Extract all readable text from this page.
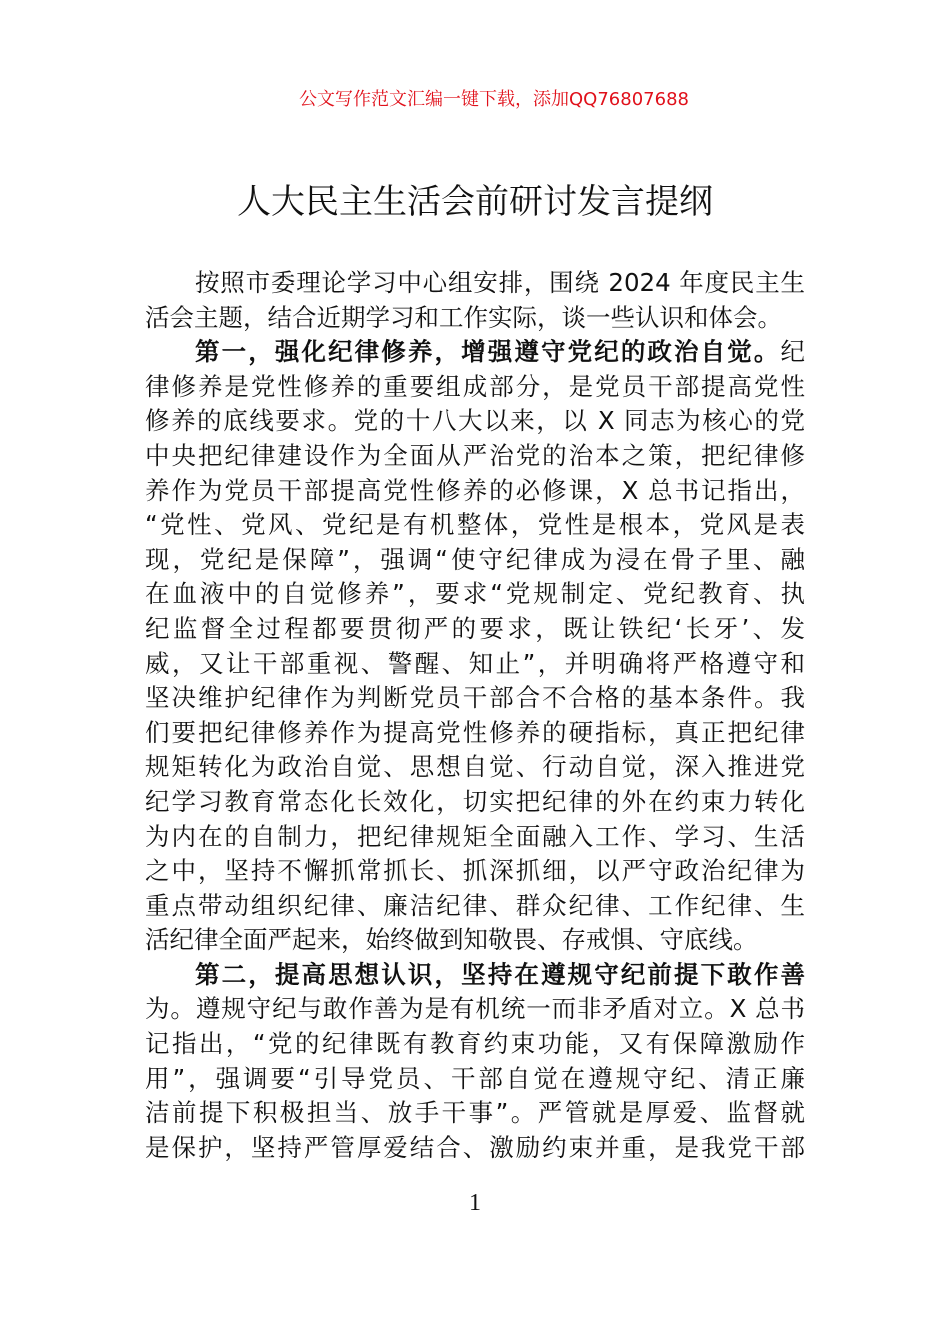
公文写作范文汇编一键下载，添加QQ76807688
人大民主生活会前研讨发言提纲
按照市委理论学习中心组安排，围绕 2024 年度民主生
活会主题，结合近期学习和工作实际，谈一些认识和体会。
第一，强化纪律修养，增强遵守党纪的政治自觉。纪
律修养是党性修养的重要组成部分，是党员干部提高党性
修养的底线要求。党的十八大以来，以 X 同志为核心的党
中央把纪律建设作为全面从严治党的治本之策，把纪律修
养作为党员干部提高党性修养的必修课，X 总书记指出，
“党性、党风、党纪是有机整体，党性是根本，党风是表
现，党纪是保障”，强调“使守纪律成为浸在骨子里、融
在血液中的自觉修养”，要求“党规制定、党纪教育、执
纪监督全过程都要贯彻严的要求，既让铁纪‘长牙’、发
威，又让干部重视、警醒、知止”，并明确将严格遵守和
坚决维护纪律作为判断党员干部合不合格的基本条件。我
们要把纪律修养作为提高党性修养的硬指标，真正把纪律
规矩转化为政治自觉、思想自觉、行动自觉，深入推进党
纪学习教育常态化长效化，切实把纪律的外在约束力转化
为内在的自制力，把纪律规矩全面融入工作、学习、生活
之中，坚持不懈抓常抓长、抓深抓细，以严守政治纪律为
重点带动组织纪律、廉洁纪律、群众纪律、工作纪律、生
活纪律全面严起来，始终做到知敬畏、存戒惧、守底线。
第二，提高思想认识，坚持在遵规守纪前提下敢作善
为。遵规守纪与敢作善为是有机统一而非矛盾对立。X 总书
记指出，“党的纪律既有教育约束功能，又有保障激励作
用”，强调要“引导党员、干部自觉在遵规守纪、清正廉
洁前提下积极担当、放手干事”。严管就是厚爱、监督就
是保护，坚持严管厚爱结合、激励约束并重，是我党干部
1
